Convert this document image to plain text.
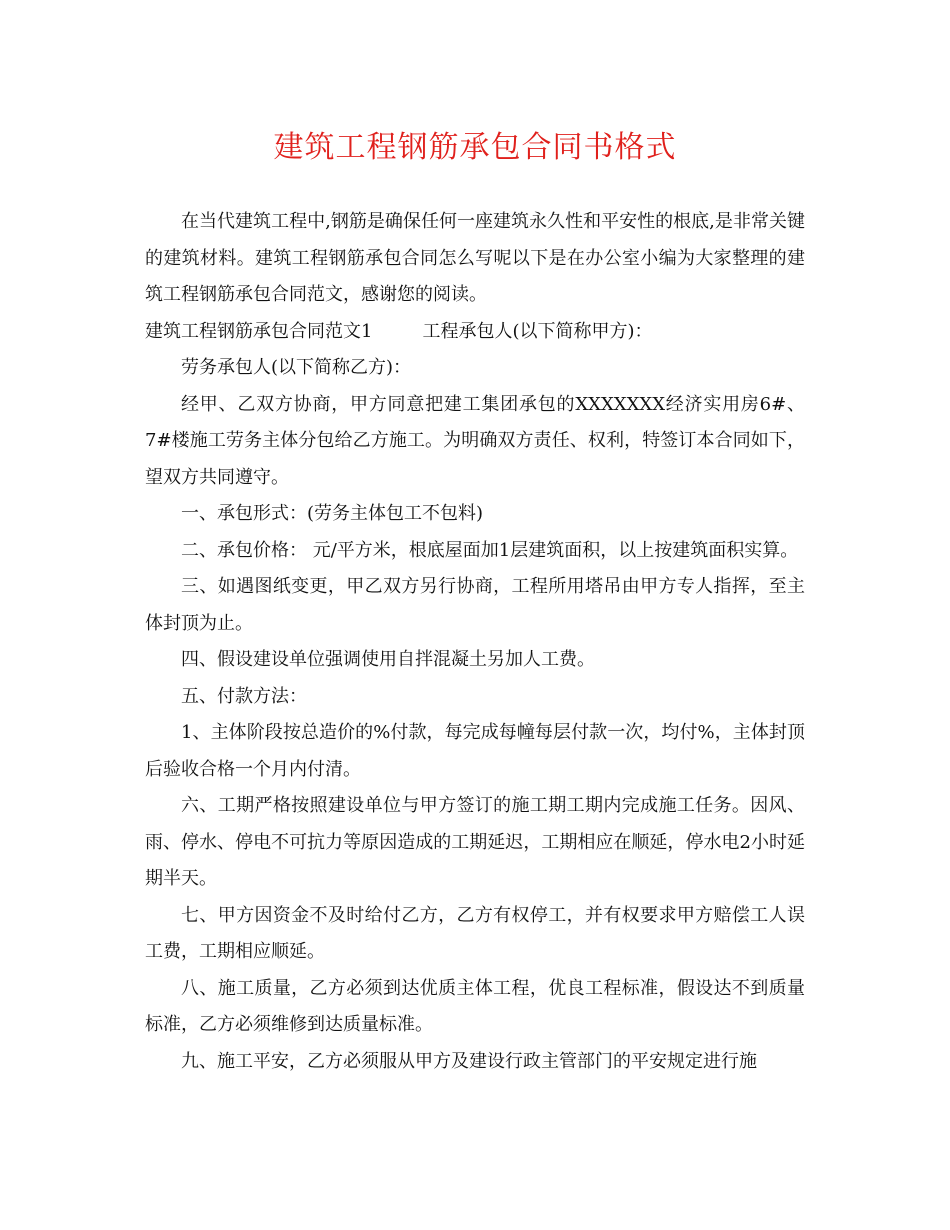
建筑工程钢筋承包合同书格式

在当代建筑工程中,钢筋是确保任何一座建筑永久性和平安性的根底,是非常关键的建筑材料。建筑工程钢筋承包合同怎么写呢以下是在办公室小编为大家整理的建筑工程钢筋承包合同范文，感谢您的阅读。

建筑工程钢筋承包合同范文1	工程承包人(以下简称甲方)：

劳务承包人(以下简称乙方)：

经甲、乙双方协商，甲方同意把建工集团承包的XXXXXXX经济实用房6#、7#楼施工劳务主体分包给乙方施工。为明确双方责任、权利，特签订本合同如下，望双方共同遵守。

一、承包形式：(劳务主体包工不包料)

二、承包价格： 元/平方米，根底屋面加1层建筑面积，以上按建筑面积实算。

三、如遇图纸变更，甲乙双方另行协商，工程所用塔吊由甲方专人指挥，至主体封顶为止。

四、假设建设单位强调使用自拌混凝土另加人工费。

五、付款方法：

1、主体阶段按总造价的%付款，每完成每幢每层付款一次，均付%，主体封顶后验收合格一个月内付清。

六、工期严格按照建设单位与甲方签订的施工期工期内完成施工任务。因风、雨、停水、停电不可抗力等原因造成的工期延迟，工期相应在顺延，停水电2小时延期半天。

七、甲方因资金不及时给付乙方，乙方有权停工，并有权要求甲方赔偿工人误工费，工期相应顺延。

八、施工质量，乙方必须到达优质主体工程，优良工程标准，假设达不到质量标准，乙方必须维修到达质量标准。

九、施工平安，乙方必须服从甲方及建设行政主管部门的平安规定进行施
